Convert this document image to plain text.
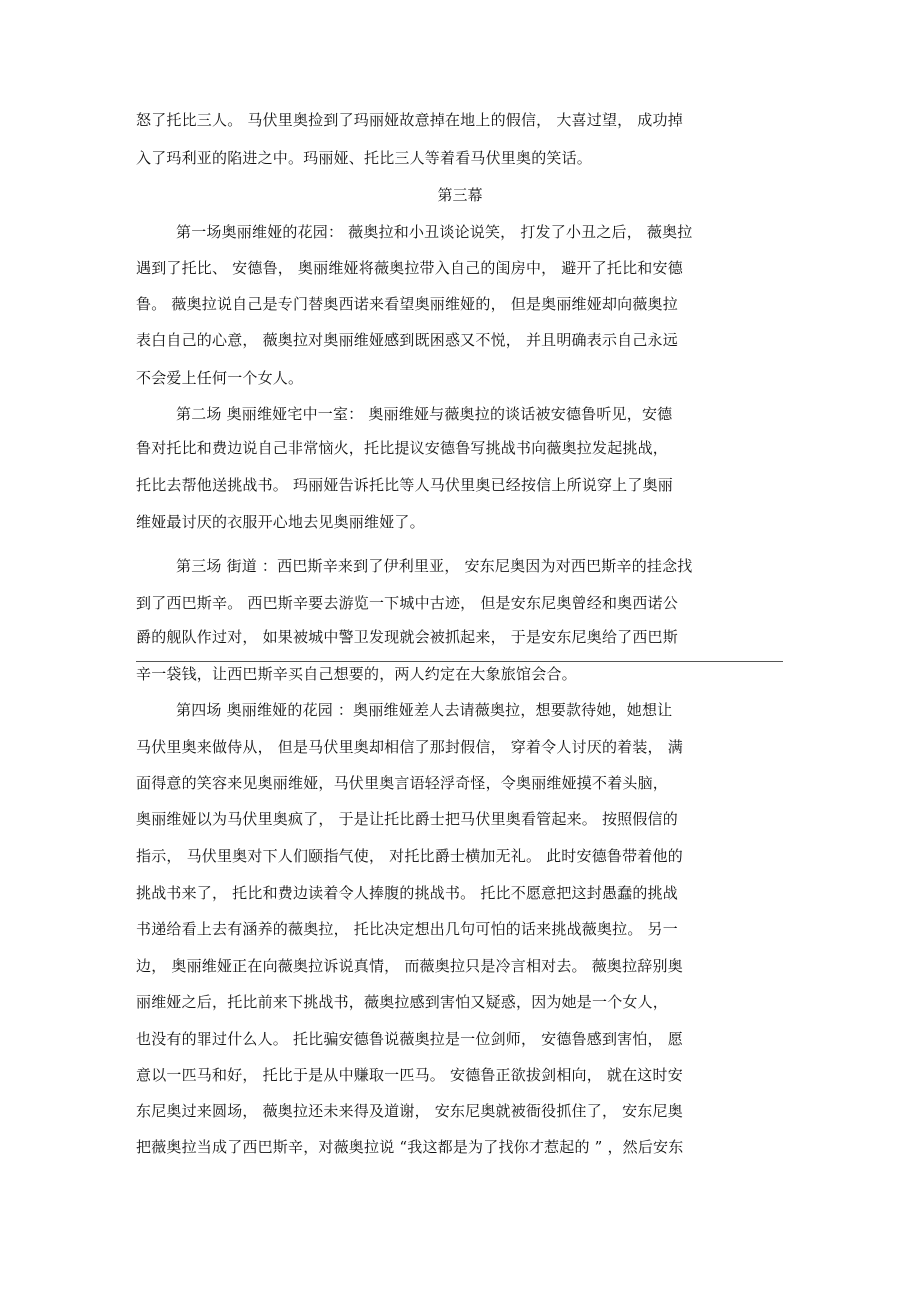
怒了托比三人。 马伏里奥捡到了玛丽娅故意掉在地上的假信， 大喜过望， 成功掉
入了玛利亚的陷进之中。玛丽娅、托比三人等着看马伏里奥的笑话。
第三幕
第一场奥丽维娅的花园： 薇奥拉和小丑谈论说笑， 打发了小丑之后， 薇奥拉
遇到了托比、 安德鲁， 奥丽维娅将薇奥拉带入自己的闺房中， 避开了托比和安德
鲁。 薇奥拉说自己是专门替奥西诺来看望奥丽维娅的， 但是奥丽维娅却向薇奥拉
表白自己的心意， 薇奥拉对奥丽维娅感到既困惑又不悦， 并且明确表示自己永远
不会爱上任何一个女人。
第二场 奥丽维娅宅中一室： 奥丽维娅与薇奥拉的谈话被安德鲁听见，安德
鲁对托比和费边说自己非常恼火，托比提议安德鲁写挑战书向薇奥拉发起挑战，
托比去帮他送挑战书。 玛丽娅告诉托比等人马伏里奥已经按信上所说穿上了奥丽
维娅最讨厌的衣服开心地去见奥丽维娅了。
第三场 街道 ：西巴斯辛来到了伊利里亚， 安东尼奥因为对西巴斯辛的挂念找
到了西巴斯辛。 西巴斯辛要去游览一下城中古迹， 但是安东尼奥曾经和奥西诺公
爵的舰队作过对， 如果被城中警卫发现就会被抓起来， 于是安东尼奥给了西巴斯
辛一袋钱，让西巴斯辛买自己想要的，两人约定在大象旅馆会合。
第四场 奥丽维娅的花园 ：奥丽维娅差人去请薇奥拉，想要款待她，她想让
马伏里奥来做侍从， 但是马伏里奥却相信了那封假信， 穿着令人讨厌的着装， 满
面得意的笑容来见奥丽维娅，马伏里奥言语轻浮奇怪，令奥丽维娅摸不着头脑，
奥丽维娅以为马伏里奥疯了， 于是让托比爵士把马伏里奥看管起来。 按照假信的
指示， 马伏里奥对下人们颐指气使， 对托比爵士横加无礼。 此时安德鲁带着他的
挑战书来了， 托比和费边读着令人捧腹的挑战书。 托比不愿意把这封愚蠢的挑战
书递给看上去有涵养的薇奥拉， 托比决定想出几句可怕的话来挑战薇奥拉。 另一
边， 奥丽维娅正在向薇奥拉诉说真情， 而薇奥拉只是冷言相对去。 薇奥拉辞别奥
丽维娅之后，托比前来下挑战书，薇奥拉感到害怕又疑惑，因为她是一个女人，
也没有的罪过什么人。 托比骗安德鲁说薇奥拉是一位剑师， 安德鲁感到害怕， 愿
意以一匹马和好， 托比于是从中赚取一匹马。 安德鲁正欲拔剑相向， 就在这时安
东尼奥过来圆场， 薇奥拉还未来得及道谢， 安东尼奥就被衙役抓住了， 安东尼奥
把薇奥拉当成了西巴斯辛，对薇奥拉说 “我这都是为了找你才惹起的 ” ，然后安东
